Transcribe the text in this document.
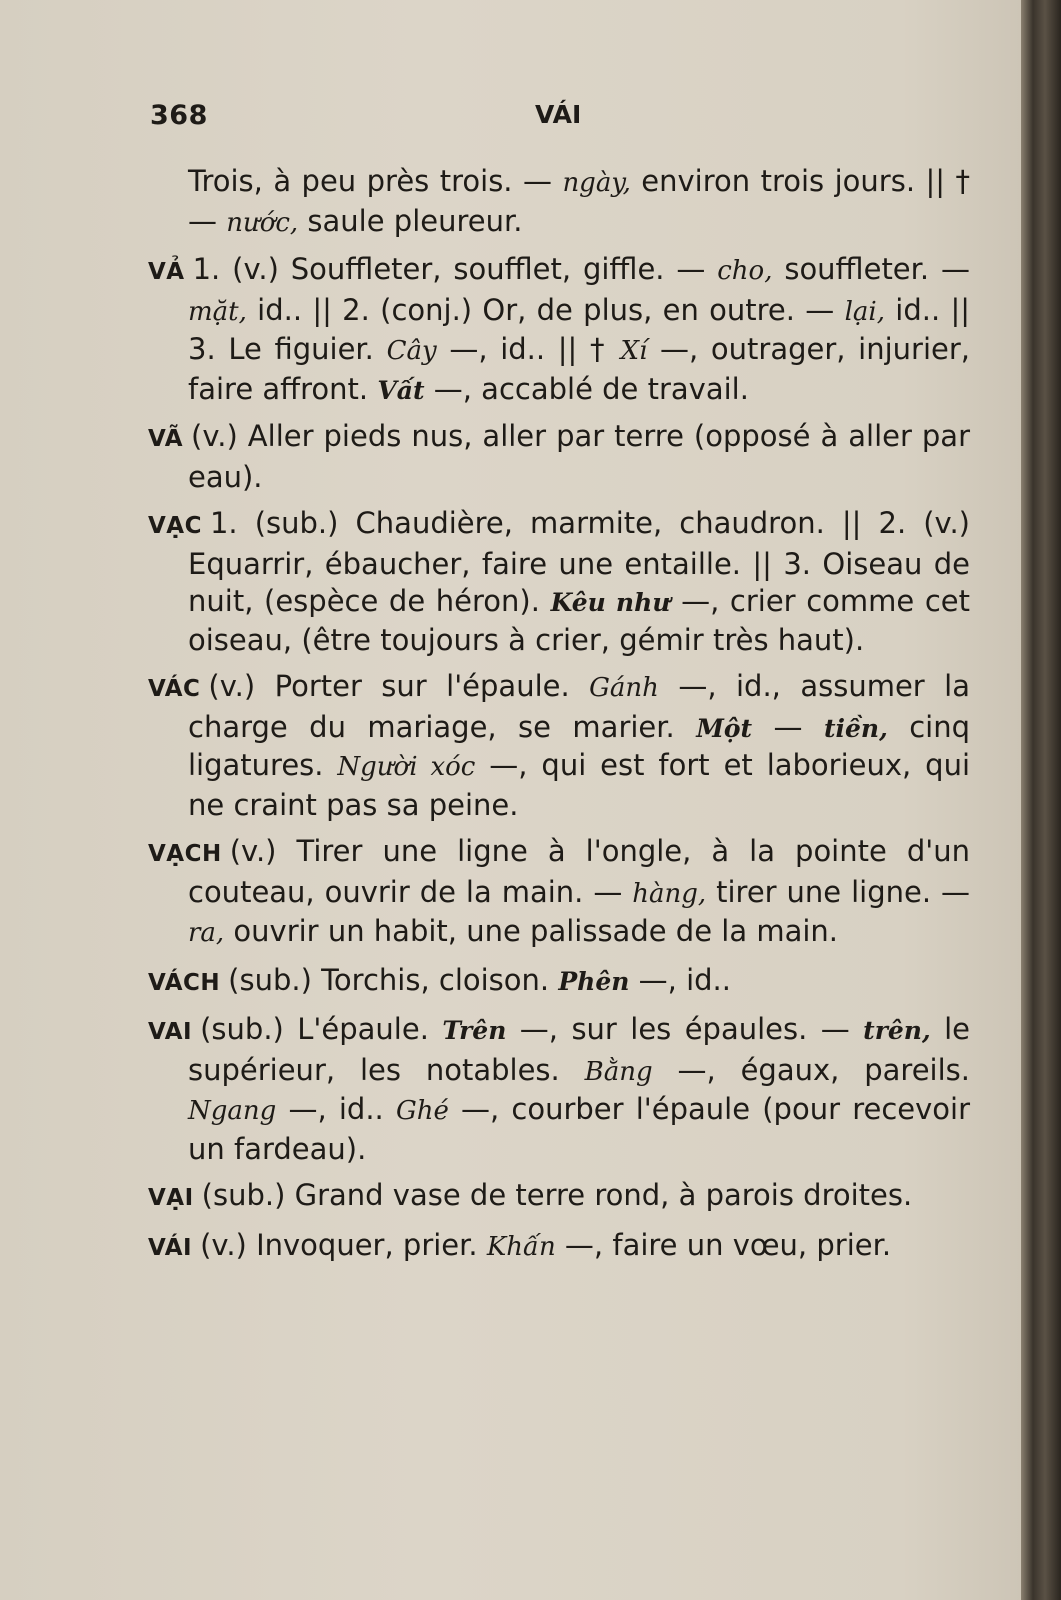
368	VÁI

Trois, à peu près trois. — ngày, environ trois jours. || † — nước, saule pleureur.

VẢ 1. (v.) Souffleter, soufflet, giffle. — cho, souffleter. — mặt, id.. || 2. (conj.) Or, de plus, en outre. — lại, id.. || 3. Le figuier. Cây —, id.. || † Xí —, outrager, injurier, faire affront. Vất —, accablé de travail.

VÃ (v.) Aller pieds nus, aller par terre (opposé à aller par eau).

VẠC 1. (sub.) Chaudière, marmite, chaudron. || 2. (v.) Equarrir, ébaucher, faire une entaille. || 3. Oiseau de nuit, (espèce de héron). Kêu như —, crier comme cet oiseau, (être toujours à crier, gémir très haut).

VÁC (v.) Porter sur l'épaule. Gánh —, id., assumer la charge du mariage, se marier. Một — tiền, cinq ligatures. Người xóc —, qui est fort et laborieux, qui ne craint pas sa peine.

VẠCH (v.) Tirer une ligne à l'ongle, à la pointe d'un couteau, ouvrir de la main. — hàng, tirer une ligne. — ra, ouvrir un habit, une palissade de la main.

VÁCH (sub.) Torchis, cloison. Phên —, id..

VAI (sub.) L'épaule. Trên —, sur les épaules. — trên, le supérieur, les notables. Bằng —, égaux, pareils. Ngang —, id.. Ghé —, courber l'épaule (pour recevoir un fardeau).

VẠI (sub.) Grand vase de terre rond, à parois droites.

VÁI (v.) Invoquer, prier. Khấn —, faire un vœu, prier.
